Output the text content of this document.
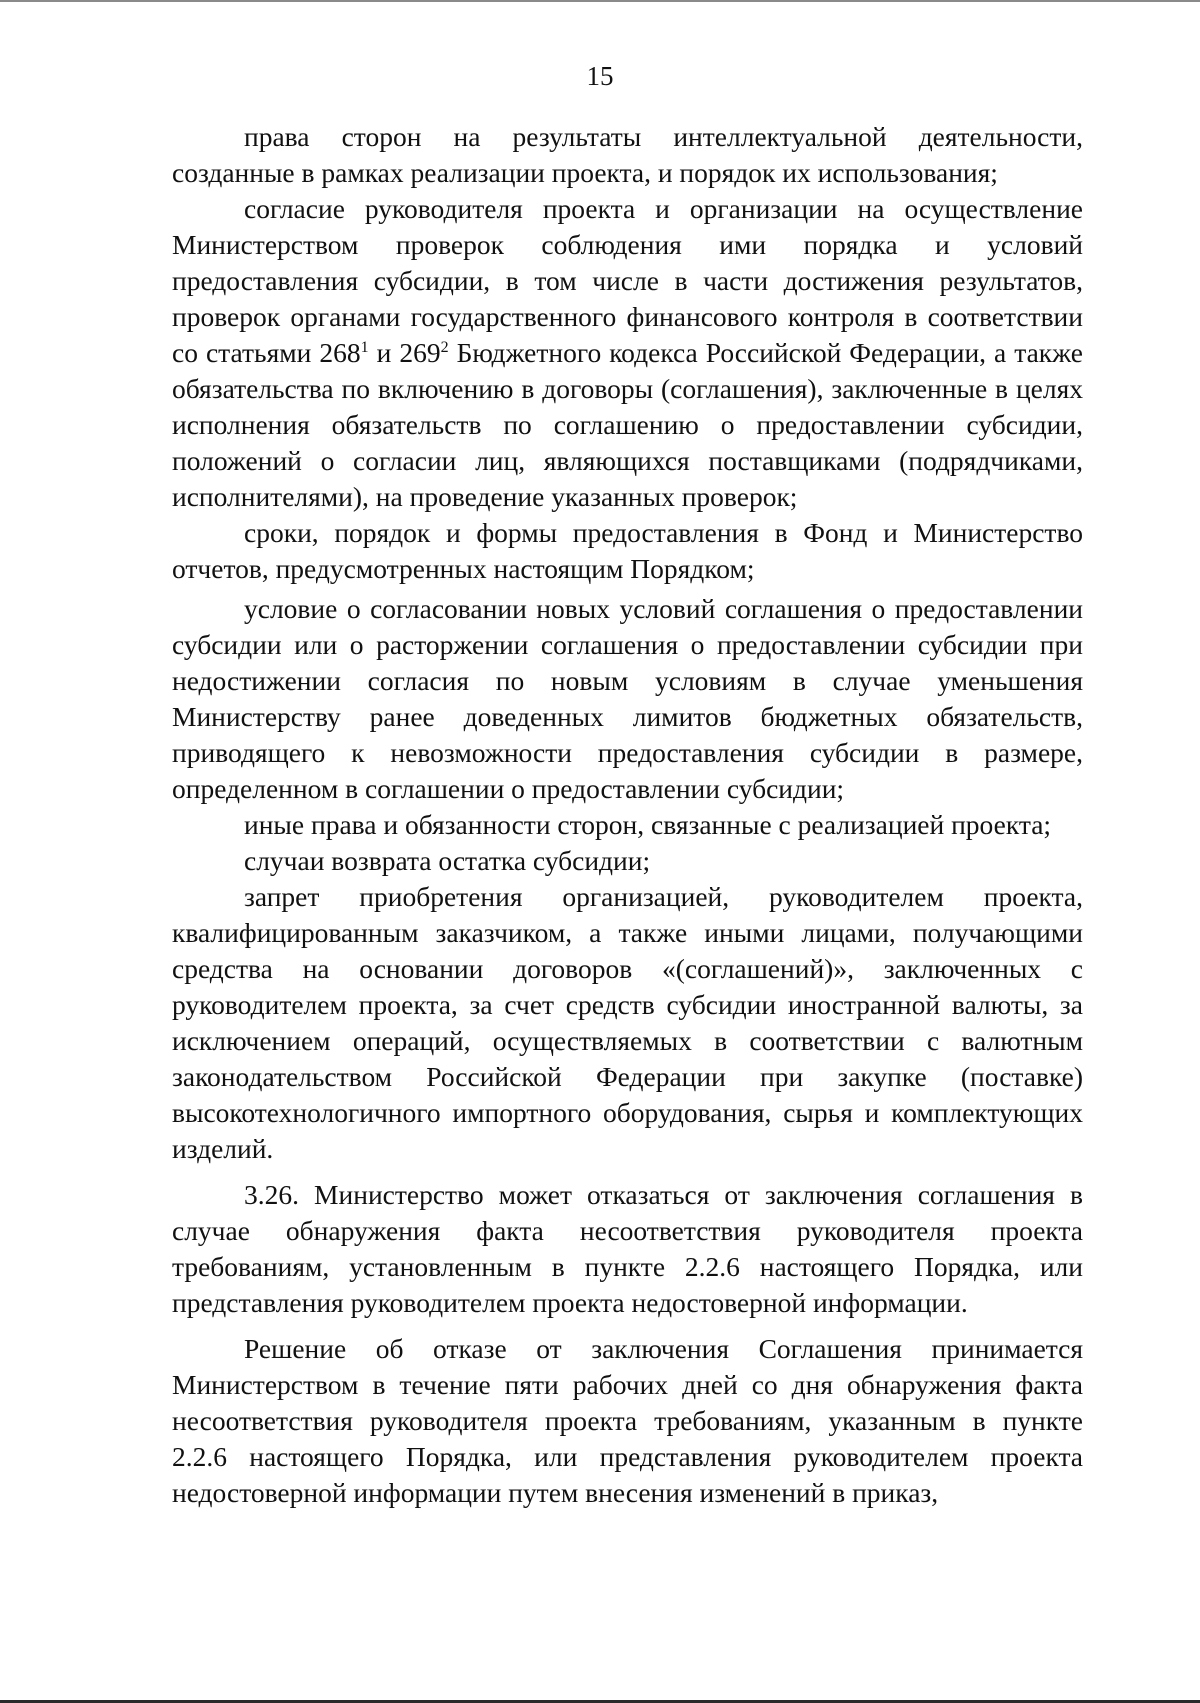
15

права сторон на результаты интеллектуальной деятельности, созданные в рамках реализации проекта, и порядок их использования;

согласие руководителя проекта и организации на осуществление Министерством проверок соблюдения ими порядка и условий предоставления субсидии, в том числе в части достижения результатов, проверок органами государственного финансового контроля в соответствии со статьями $268^1$ и $269^2$ Бюджетного кодекса Российской Федерации, а также обязательства по включению в договоры (соглашения), заключенные в целях исполнения обязательств по соглашению о предоставлении субсидии, положений о согласии лиц, являющихся поставщиками (подрядчиками, исполнителями), на проведение указанных проверок;

сроки, порядок и формы предоставления в Фонд и Министерство отчетов, предусмотренных настоящим Порядком;

условие о согласовании новых условий соглашения о предоставлении субсидии или о расторжении соглашения о предоставлении субсидии при недостижении согласия по новым условиям в случае уменьшения Министерству ранее доведенных лимитов бюджетных обязательств, приводящего к невозможности предоставления субсидии в размере, определенном в соглашении о предоставлении субсидии;

иные права и обязанности сторон, связанные с реализацией проекта;

случаи возврата остатка субсидии;

запрет приобретения организацией, руководителем проекта, квалифицированным заказчиком, а также иными лицами, получающими средства на основании договоров «(соглашений)», заключенных с руководителем проекта, за счет средств субсидии иностранной валюты, за исключением операций, осуществляемых в соответствии с валютным законодательством Российской Федерации при закупке (поставке) высокотехнологичного импортного оборудования, сырья и комплектующих изделий.

3.26. Министерство может отказаться от заключения соглашения в случае обнаружения факта несоответствия руководителя проекта требованиям, установленным в пункте 2.2.6 настоящего Порядка, или представления руководителем проекта недостоверной информации.

Решение об отказе от заключения Соглашения принимается Министерством в течение пяти рабочих дней со дня обнаружения факта несоответствия руководителя проекта требованиям, указанным в пункте 2.2.6 настоящего Порядка, или представления руководителем проекта недостоверной информации путем внесения изменений в приказ,
